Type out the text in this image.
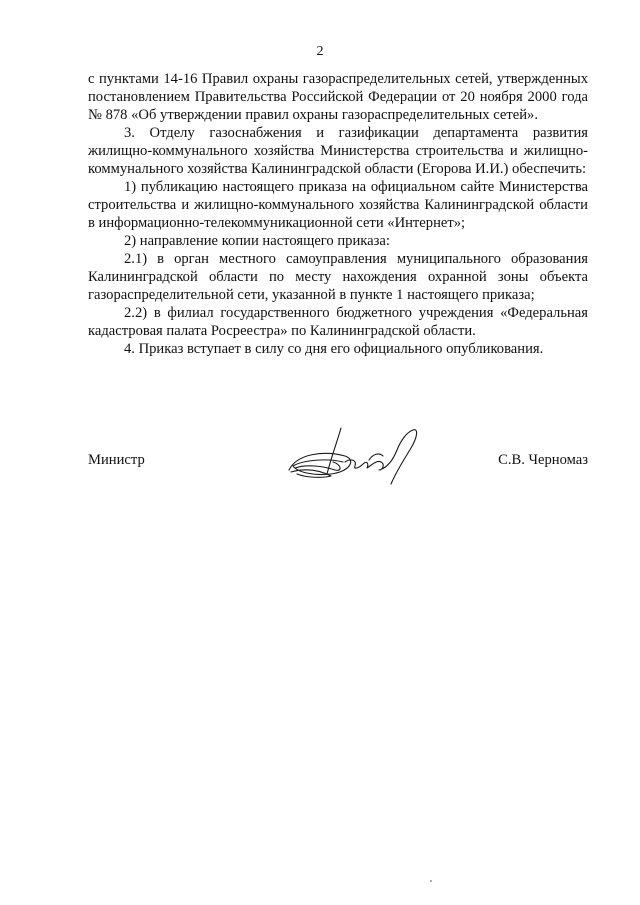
2

с пунктами 14-16 Правил охраны газораспределительных сетей, утвержденных постановлением Правительства Российской Федерации от 20 ноября 2000 года № 878 «Об утверждении правил охраны газораспределительных сетей».

3. Отделу газоснабжения и газификации департамента развития жилищно-коммунального хозяйства Министерства строительства и жилищно-коммунального хозяйства Калининградской области (Егорова И.И.) обеспечить:

1) публикацию настоящего приказа на официальном сайте Министерства строительства и жилищно-коммунального хозяйства Калининградской области в информационно-телекоммуникационной сети «Интернет»;

2) направление копии настоящего приказа:

2.1) в орган местного самоуправления муниципального образования Калининградской области по месту нахождения охранной зоны объекта газораспределительной сети, указанной в пункте 1 настоящего приказа;

2.2) в филиал государственного бюджетного учреждения «Федеральная кадастровая палата Росреестра» по Калининградской области.

4. Приказ вступает в силу со дня его официального опубликования.

Министр	С.В. Черномаз
